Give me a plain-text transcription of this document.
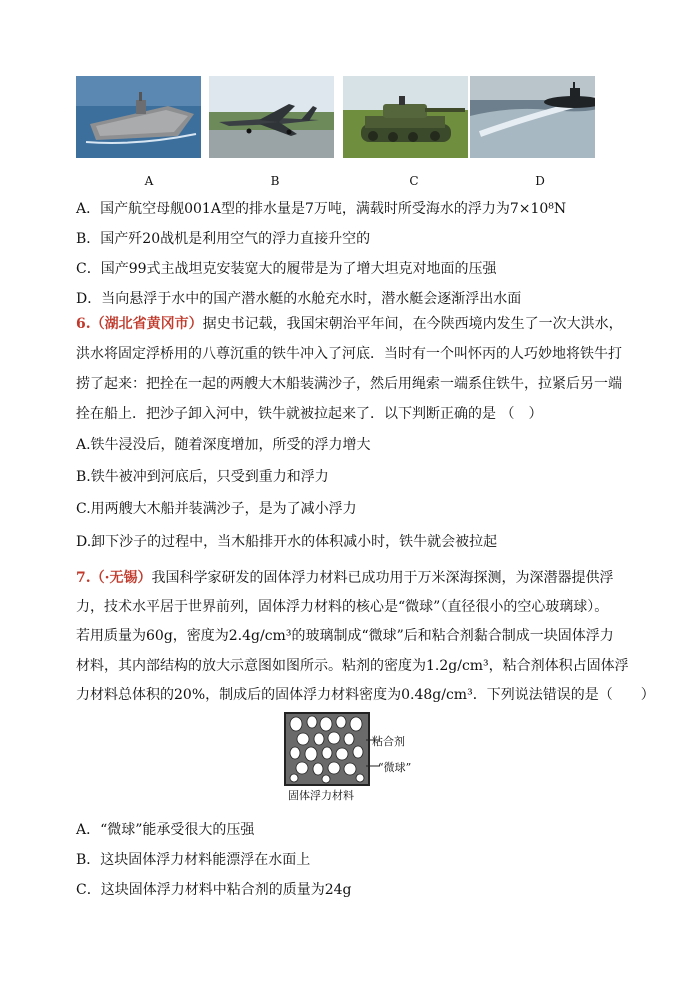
A	B	C	D
A．国产航空母舰001A型的排水量是7万吨，满载时所受海水的浮力为7×10⁸N
B．国产歼20战机是利用空气的浮力直接升空的
C．国产99式主战坦克安装宽大的履带是为了增大坦克对地面的压强
D．当向悬浮于水中的国产潜水艇的水舱充水时，潜水艇会逐渐浮出水面
6.（湖北省黄冈市）据史书记载，我国宋朝治平年间，在今陕西境内发生了一次大洪水，
洪水将固定浮桥用的八尊沉重的铁牛冲入了河底．当时有一个叫怀丙的人巧妙地将铁牛打
捞了起来：把拴在一起的两艘大木船装满沙子，然后用绳索一端系住铁牛，拉紧后另一端
拴在船上．把沙子卸入河中，铁牛就被拉起来了．以下判断正确的是 （　）
A.铁牛浸没后，随着深度增加，所受的浮力增大
B.铁牛被冲到河底后，只受到重力和浮力
C.用两艘大木船并装满沙子，是为了减小浮力
D.卸下沙子的过程中，当木船排开水的体积减小时，铁牛就会被拉起
7.（·无锡）我国科学家研发的固体浮力材料已成功用于万米深海探测，为深潜器提供浮
力，技术水平居于世界前列，固体浮力材料的核心是“微球”（直径很小的空心玻璃球）。
若用质量为60g，密度为2.4g/cm³的玻璃制成“微球”后和粘合剂黏合制成一块固体浮力
材料，其内部结构的放大示意图如图所示。粘剂的密度为1.2g/cm³，粘合剂体积占固体浮
力材料总体积的20%，制成后的固体浮力材料密度为0.48g/cm³．下列说法错误的是（　　）
粘合剂
“微球”
固体浮力材料
A．“微球”能承受很大的压强
B．这块固体浮力材料能漂浮在水面上
C．这块固体浮力材料中粘合剂的质量为24g
